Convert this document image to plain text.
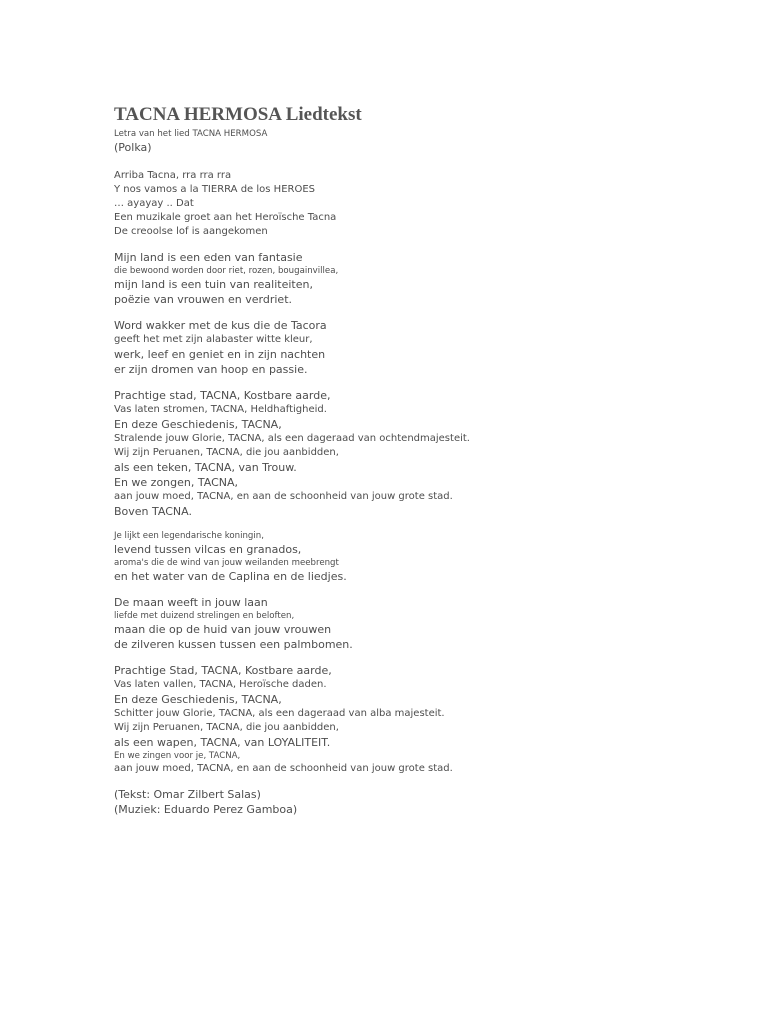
TACNA HERMOSA Liedtekst
Letra van het lied TACNA HERMOSA
(Polka)
Arriba Tacna, rra rra rra
Y nos vamos a la TIERRA de los HEROES
… ayayay .. Dat
Een muzikale groet aan het Heroïsche Tacna
De creoolse lof is aangekomen
Mijn land is een eden van fantasie
die bewoond worden door riet, rozen, bougainvillea,
mijn land is een tuin van realiteiten,
poëzie van vrouwen en verdriet.
Word wakker met de kus die de Tacora
geeft het met zijn alabaster witte kleur,
werk, leef en geniet en in zijn nachten
er zijn dromen van hoop en passie.
Prachtige stad, TACNA, Kostbare aarde,
Vas laten stromen, TACNA, Heldhaftigheid.
En deze Geschiedenis, TACNA,
Stralende jouw Glorie, TACNA, als een dageraad van ochtendmajesteit.
Wij zijn Peruanen, TACNA, die jou aanbidden,
als een teken, TACNA, van Trouw.
En we zongen, TACNA,
aan jouw moed, TACNA, en aan de schoonheid van jouw grote stad.
Boven TACNA.
Je lijkt een legendarische koningin,
levend tussen vilcas en granados,
aroma's die de wind van jouw weilanden meebrengt
en het water van de Caplina en de liedjes.
De maan weeft in jouw laan
liefde met duizend strelingen en beloften,
maan die op de huid van jouw vrouwen
de zilveren kussen tussen een palmbomen.
Prachtige Stad, TACNA, Kostbare aarde,
Vas laten vallen, TACNA, Heroïsche daden.
En deze Geschiedenis, TACNA,
Schitter jouw Glorie, TACNA, als een dageraad van alba majesteit.
Wij zijn Peruanen, TACNA, die jou aanbidden,
als een wapen, TACNA, van LOYALITEIT.
En we zingen voor je, TACNA,
aan jouw moed, TACNA, en aan de schoonheid van jouw grote stad.
(Tekst: Omar Zilbert Salas)
(Muziek: Eduardo Perez Gamboa)
